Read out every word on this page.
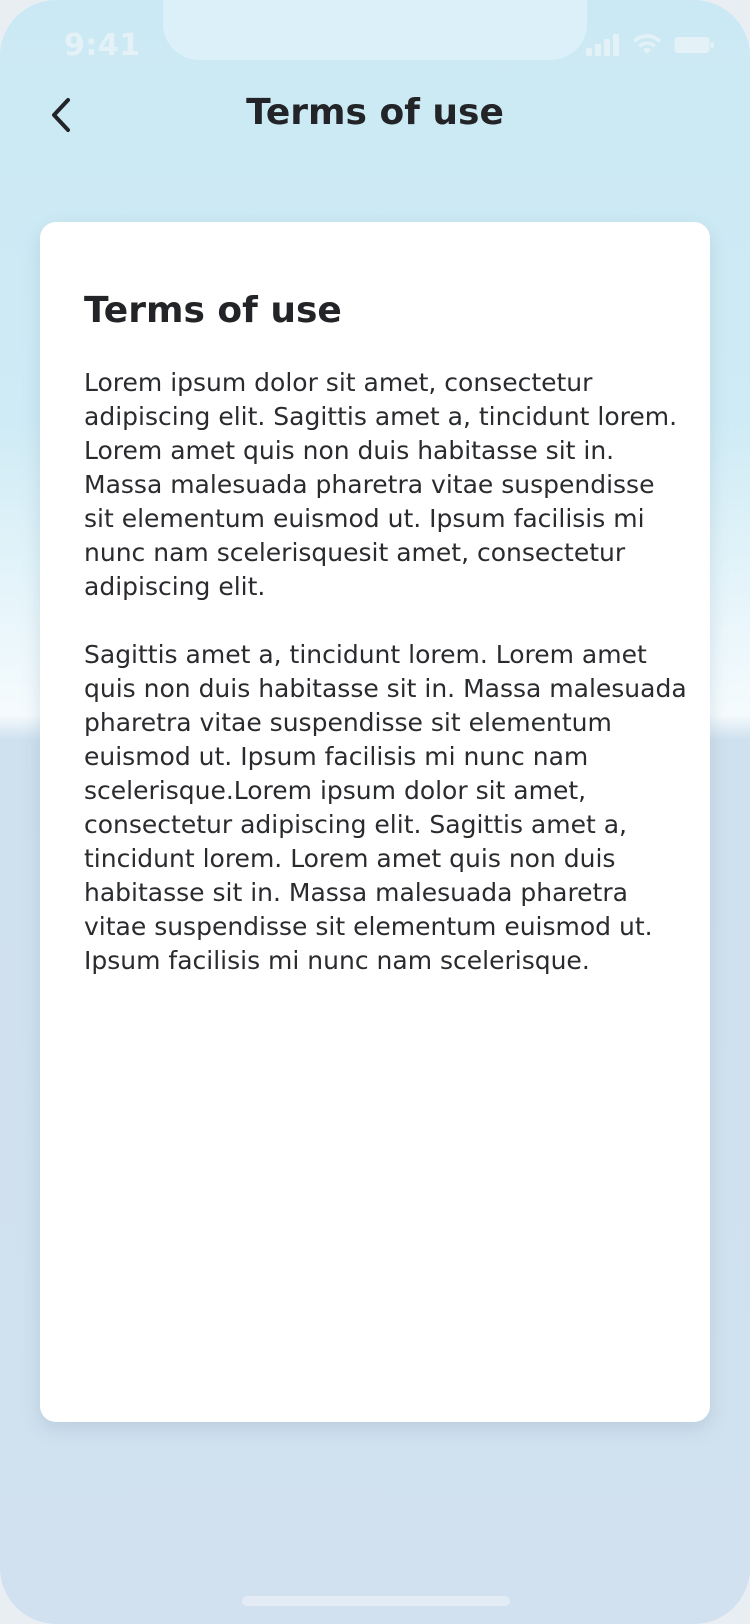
9:41
Terms of use
Terms of use

Lorem ipsum dolor sit amet, consectetur adipiscing elit. Sagittis amet a, tincidunt lorem. Lorem amet quis non duis habitasse sit in. Massa malesuada pharetra vitae suspendisse sit elementum euismod ut. Ipsum facilisis mi nunc nam scelerisquesit amet, consectetur adipiscing elit.

Sagittis amet a, tincidunt lorem. Lorem amet quis non duis habitasse sit in. Massa malesuada pharetra vitae suspendisse sit elementum euismod ut. Ipsum facilisis mi nunc nam scelerisque.Lorem ipsum dolor sit amet, consectetur adipiscing elit. Sagittis amet a, tincidunt lorem. Lorem amet quis non duis habitasse sit in. Massa malesuada pharetra vitae suspendisse sit elementum euismod ut. Ipsum facilisis mi nunc nam scelerisque.
